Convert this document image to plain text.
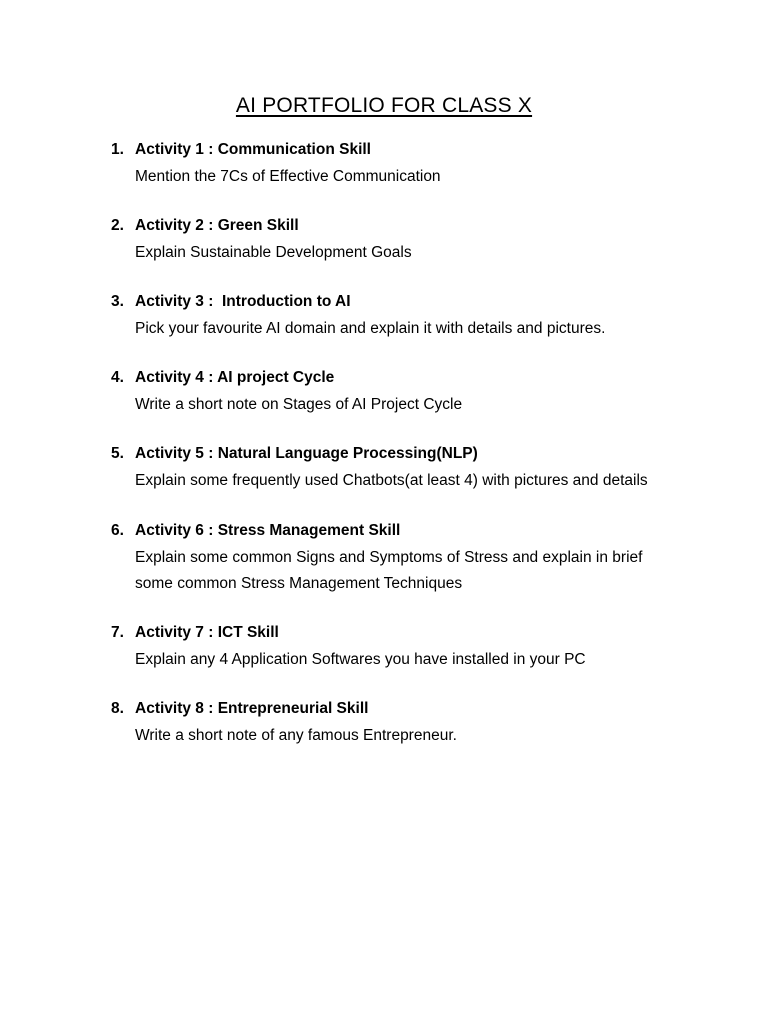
AI PORTFOLIO FOR CLASS X
1. Activity 1 : Communication Skill

Mention the 7Cs of Effective Communication

2. Activity 2 : Green Skill

Explain Sustainable Development Goals

3. Activity 3 :  Introduction to AI

Pick your favourite AI domain and explain it with details and pictures.

4. Activity 4 : AI project Cycle

Write a short note on Stages of AI Project Cycle

5. Activity 5 : Natural Language Processing(NLP)

Explain some frequently used Chatbots(at least 4) with pictures and details

6. Activity 6 : Stress Management Skill

Explain some common Signs and Symptoms of Stress and explain in brief some common Stress Management Techniques

7. Activity 7 : ICT Skill

Explain any 4 Application Softwares you have installed in your PC

8. Activity 8 : Entrepreneurial Skill

Write a short note of any famous Entrepreneur.
